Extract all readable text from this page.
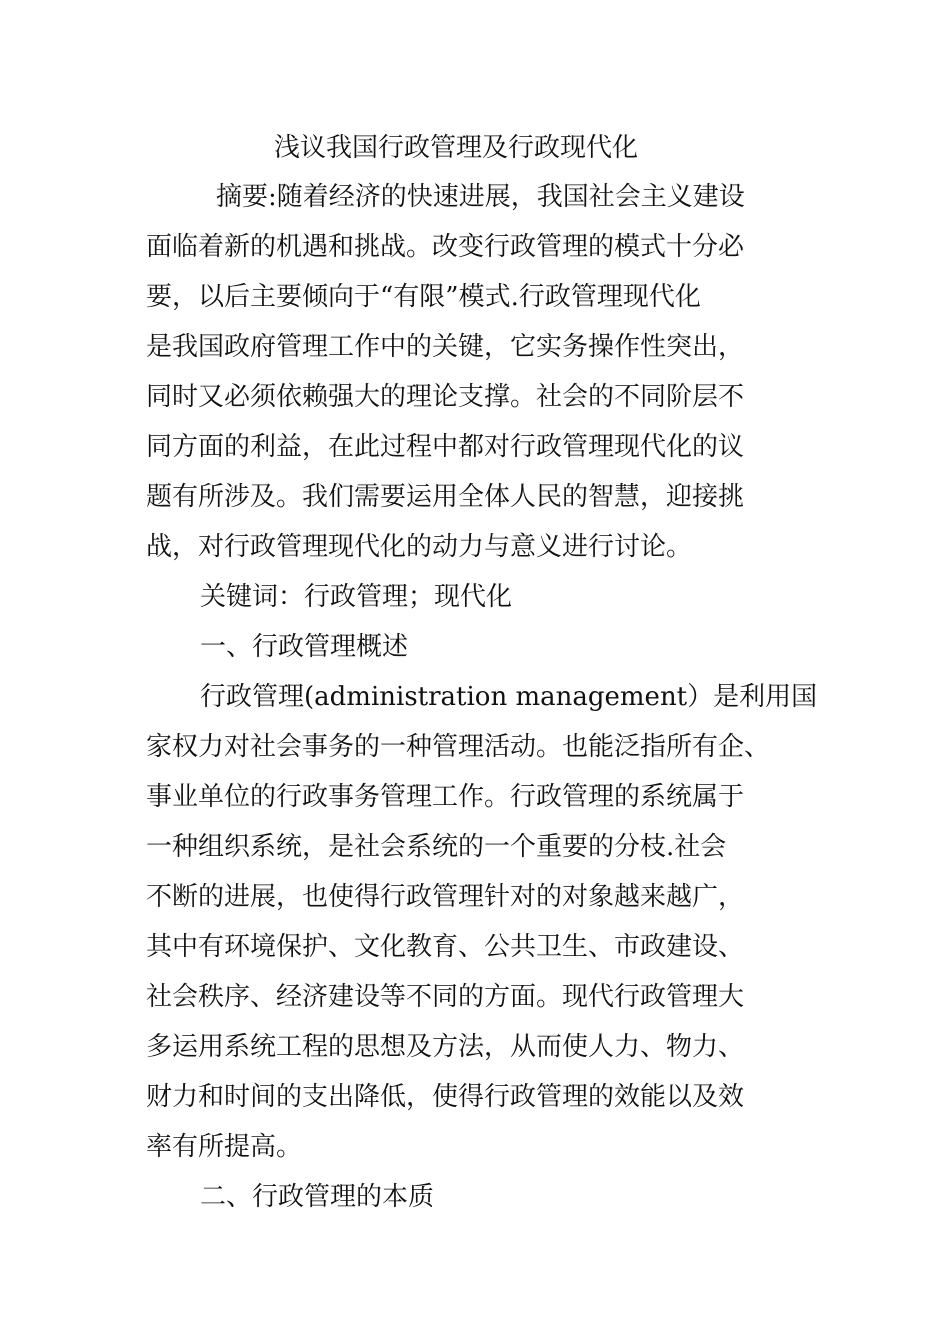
浅议我国行政管理及行政现代化
摘要:随着经济的快速进展，我国社会主义建设
面临着新的机遇和挑战。改变行政管理的模式十分必
要，以后主要倾向于“有限”模式.行政管理现代化
是我国政府管理工作中的关键，它实务操作性突出，
同时又必须依赖强大的理论支撑。社会的不同阶层不
同方面的利益，在此过程中都对行政管理现代化的议
题有所涉及。我们需要运用全体人民的智慧，迎接挑
战，对行政管理现代化的动力与意义进行讨论。
关键词：行政管理；现代化
一、行政管理概述
行政管理(administration management）是利用国
家权力对社会事务的一种管理活动。也能泛指所有企、
事业单位的行政事务管理工作。行政管理的系统属于
一种组织系统，是社会系统的一个重要的分枝.社会
不断的进展，也使得行政管理针对的对象越来越广，
其中有环境保护、文化教育、公共卫生、市政建设、
社会秩序、经济建设等不同的方面。现代行政管理大
多运用系统工程的思想及方法，从而使人力、物力、
财力和时间的支出降低，使得行政管理的效能以及效
率有所提高。
二、行政管理的本质
